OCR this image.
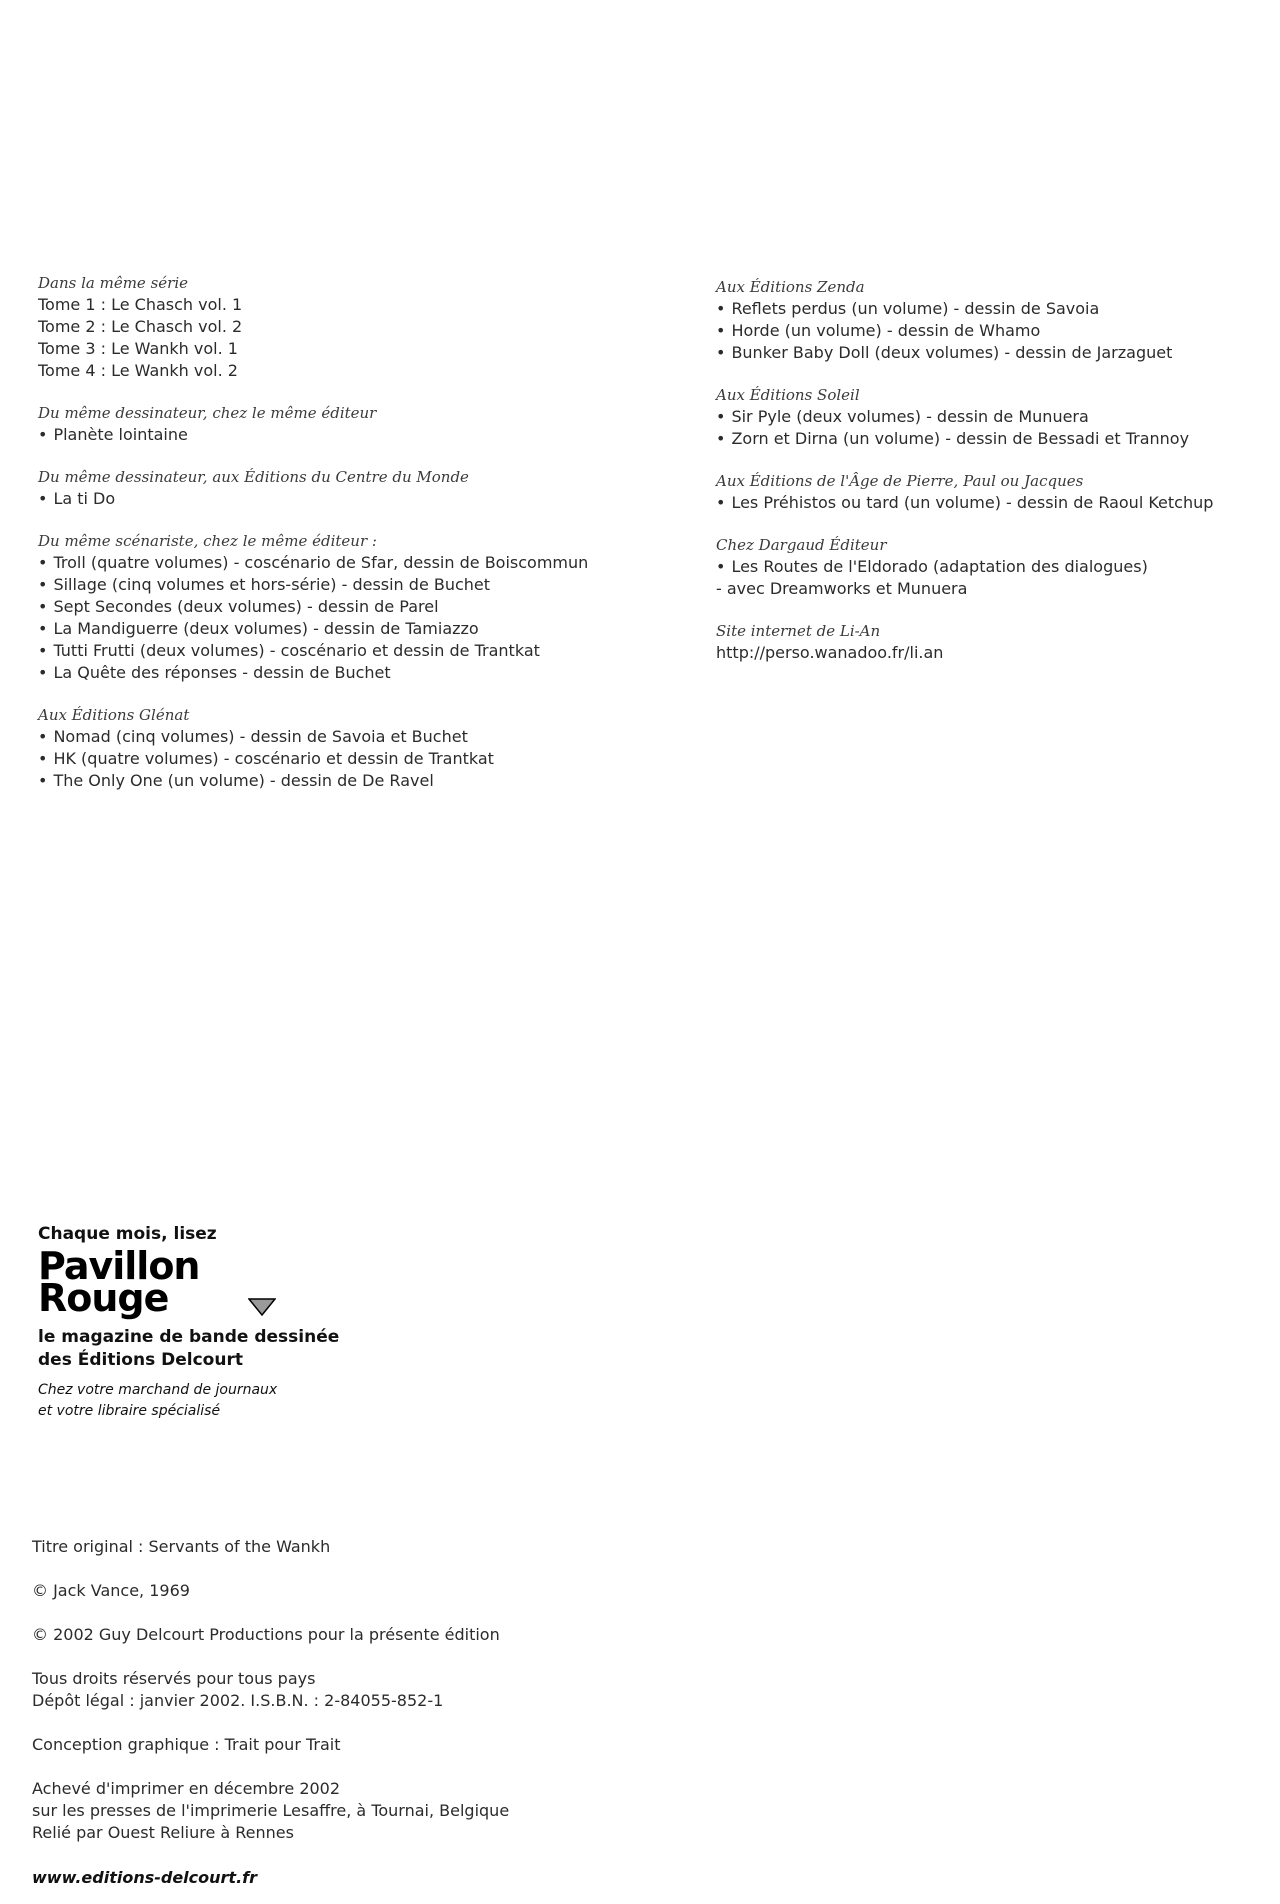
Dans la même série
Tome 1 : Le Chasch vol. 1
Tome 2 : Le Chasch vol. 2
Tome 3 : Le Wankh vol. 1
Tome 4 : Le Wankh vol. 2
Du même dessinateur, chez le même éditeur
• Planète lointaine
Du même dessinateur, aux Éditions du Centre du Monde
• La ti Do
Du même scénariste, chez le même éditeur :
• Troll (quatre volumes) - coscénario de Sfar, dessin de Boiscommun
• Sillage (cinq volumes et hors-série) - dessin de Buchet
• Sept Secondes (deux volumes) - dessin de Parel
• La Mandiguerre (deux volumes) - dessin de Tamiazzo
• Tutti Frutti (deux volumes) - coscénario et dessin de Trantkat
• La Quête des réponses - dessin de Buchet
Aux Éditions Glénat
• Nomad (cinq volumes) - dessin de Savoia et Buchet
• HK (quatre volumes) - coscénario et dessin de Trantkat
• The Only One (un volume) - dessin de De Ravel
Aux Éditions Zenda
• Reflets perdus (un volume) - dessin de Savoia
• Horde (un volume) - dessin de Whamo
• Bunker Baby Doll (deux volumes) - dessin de Jarzaguet
Aux Éditions Soleil
• Sir Pyle (deux volumes) - dessin de Munuera
• Zorn et Dirna (un volume) - dessin de Bessadi et Trannoy
Aux Éditions de l'Âge de Pierre, Paul ou Jacques
• Les Préhistos ou tard (un volume) - dessin de Raoul Ketchup
Chez Dargaud Éditeur
• Les Routes de l'Eldorado (adaptation des dialogues)
- avec Dreamworks et Munuera
Site internet de Li-An
http://perso.wanadoo.fr/li.an
Chaque mois, lisez
Pavillon
Rouge
le magazine de bande dessinée
des Éditions Delcourt
Chez votre marchand de journaux
et votre libraire spécialisé
Titre original : Servants of the Wankh
© Jack Vance, 1969
© 2002 Guy Delcourt Productions pour la présente édition
Tous droits réservés pour tous pays
Dépôt légal : janvier 2002. I.S.B.N. : 2-84055-852-1
Conception graphique : Trait pour Trait
Achevé d'imprimer en décembre 2002
sur les presses de l'imprimerie Lesaffre, à Tournai, Belgique
Relié par Ouest Reliure à Rennes
www.editions-delcourt.fr
